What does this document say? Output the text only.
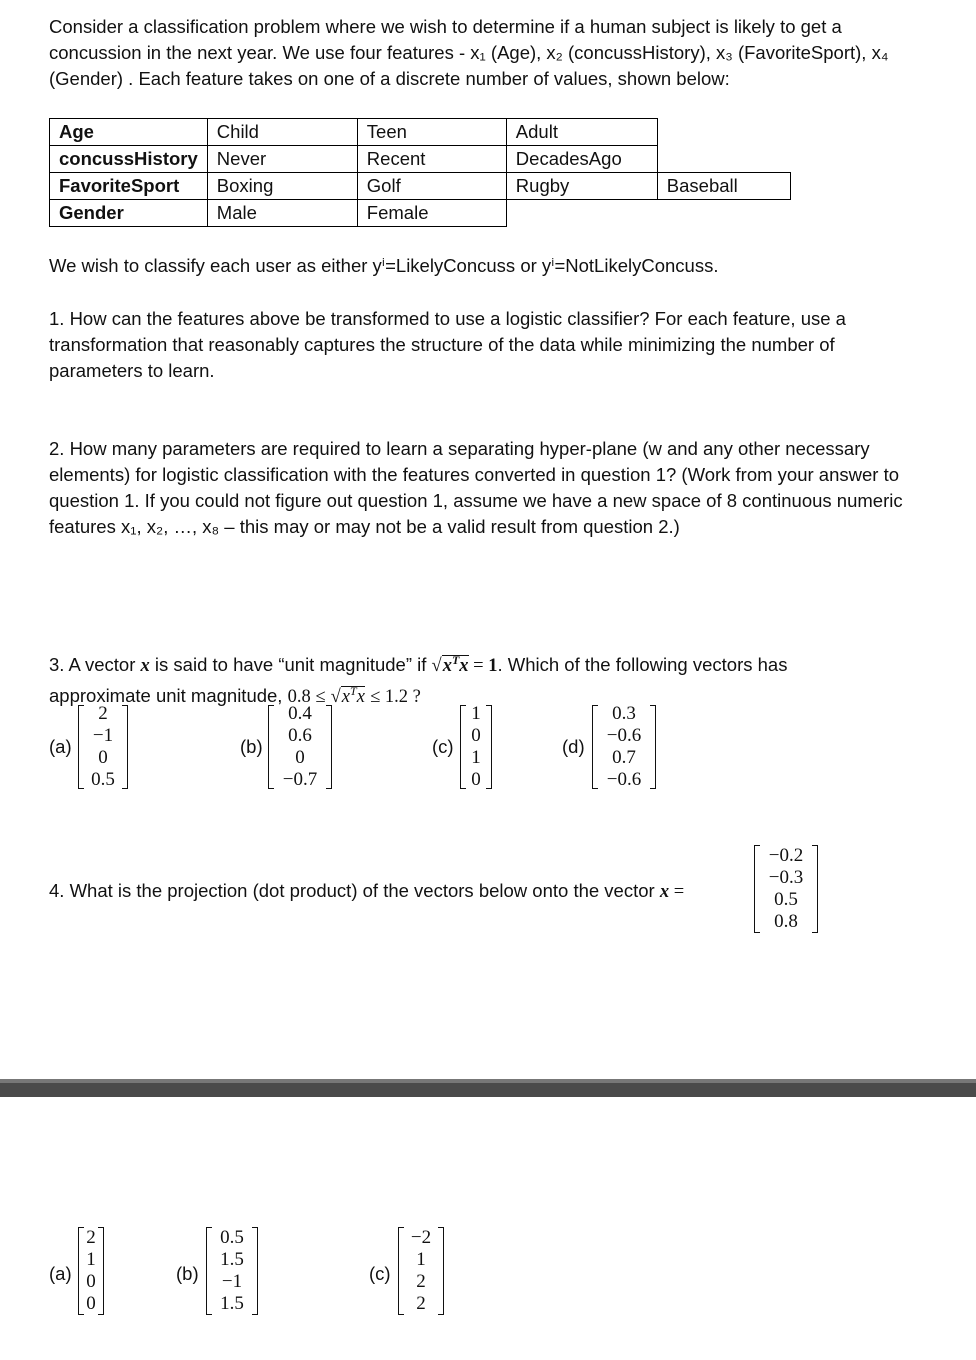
Consider a classification problem where we wish to determine if a human subject is likely to get a concussion in the next year. We use four features - x₁ (Age), x₂ (concussHistory), x₃ (FavoriteSport), x₄ (Gender) . Each feature takes on one of a discrete number of values, shown below:
Age	Child	Teen	Adult	
concussHistory	Never	Recent	DecadesAgo	
FavoriteSport	Boxing	Golf	Rugby	Baseball
Gender	Male	Female		
We wish to classify each user as either yⁱ=LikelyConcuss or yⁱ=NotLikelyConcuss.
1. How can the features above be transformed to use a logistic classifier? For each feature, use a transformation that reasonably captures the structure of the data while minimizing the number of parameters to learn.
2. How many parameters are required to learn a separating hyper-plane (w and any other necessary elements) for logistic classification with the features converted in question 1? (Work from your answer to question 1. If you could not figure out question 1, assume we have a new space of 8 continuous numeric features x₁, x₂, …, x₈ – this may or may not be a valid result from question 2.)
3. A vector x is said to have “unit magnitude” if $√x^Tx = 1$. Which of the following vectors has
approximate unit magnitude, $0.8 \le √x^Tx \le 1.2$ ?
(a)
2
−1
0
0.5
(b)
0.4
0.6
0
−0.7
(c)
1
0
1
0
(d)
0.3
−0.6
0.7
−0.6
4. What is the projection (dot product) of the vectors below onto the vector x =
−0.2
−0.3
0.5
0.8
(a)
2
1
0
0
(b)
0.5
1.5
−1
1.5
(c)
−2
1
2
2
